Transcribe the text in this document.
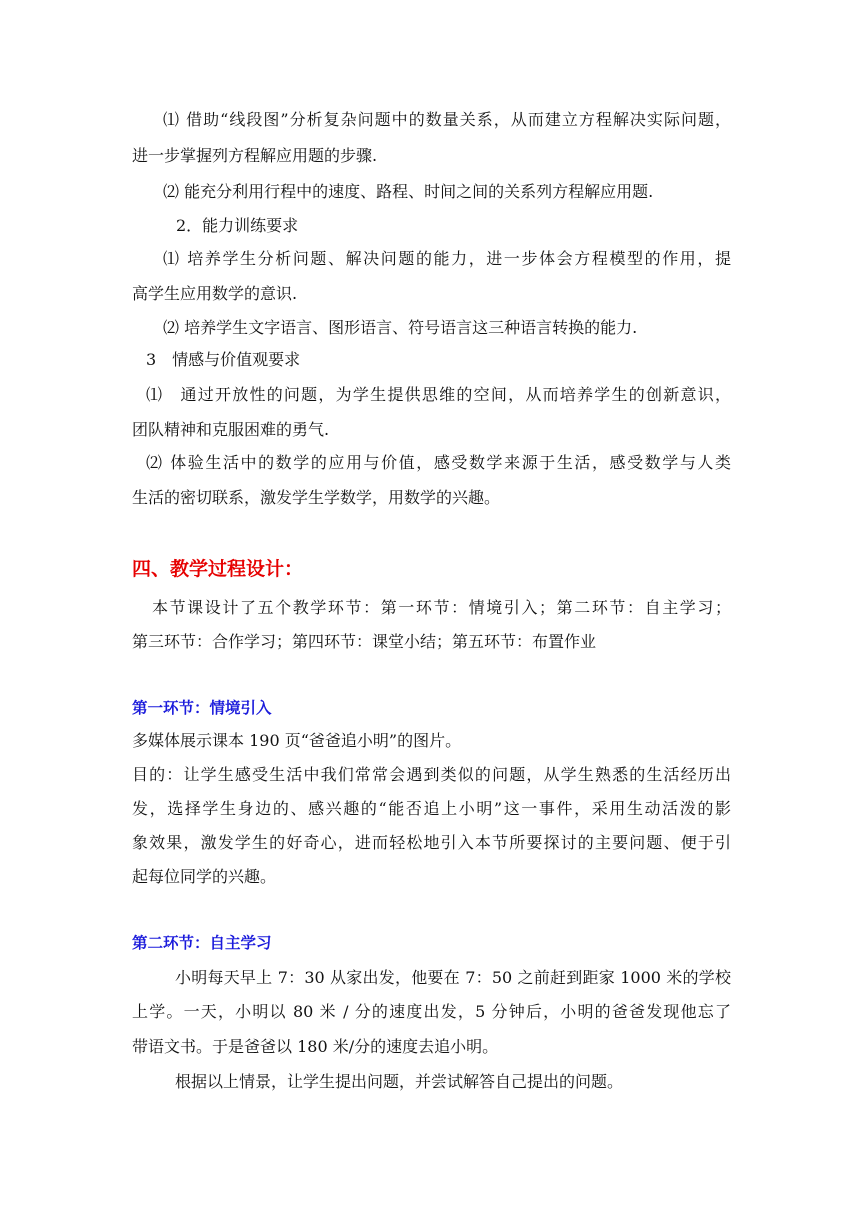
⑴ 借助“线段图”分析复杂问题中的数量关系，从而建立方程解决实际问题，
进一步掌握列方程解应用题的步骤.
⑵ 能充分利用行程中的速度、路程、时间之间的关系列方程解应用题.
2．能力训练要求
⑴ 培养学生分析问题、解决问题的能力，进一步体会方程模型的作用，提
高学生应用数学的意识.
⑵ 培养学生文字语言、图形语言、符号语言这三种语言转换的能力.
3　情感与价值观要求
⑴　通过开放性的问题，为学生提供思维的空间，从而培养学生的创新意识，
团队精神和克服困难的勇气.
⑵ 体验生活中的数学的应用与价值，感受数学来源于生活，感受数学与人类
生活的密切联系，激发学生学数学，用数学的兴趣。
四、教学过程设计：
本节课设计了五个教学环节：第一环节：情境引入；第二环节：自主学习；
第三环节：合作学习；第四环节：课堂小结；第五环节：布置作业
第一环节：情境引入
多媒体展示课本 190 页“爸爸追小明”的图片。
目的：让学生感受生活中我们常常会遇到类似的问题，从学生熟悉的生活经历出
发，选择学生身边的、感兴趣的“能否追上小明”这一事件，采用生动活泼的影
象效果，激发学生的好奇心，进而轻松地引入本节所要探讨的主要问题、便于引
起每位同学的兴趣。
第二环节：自主学习
小明每天早上 7：30 从家出发，他要在 7：50 之前赶到距家 1000 米的学校
上学。一天，小明以 80 米 / 分的速度出发，5 分钟后，小明的爸爸发现他忘了
带语文书。于是爸爸以 180 米/分的速度去追小明。
根据以上情景，让学生提出问题，并尝试解答自己提出的问题。
